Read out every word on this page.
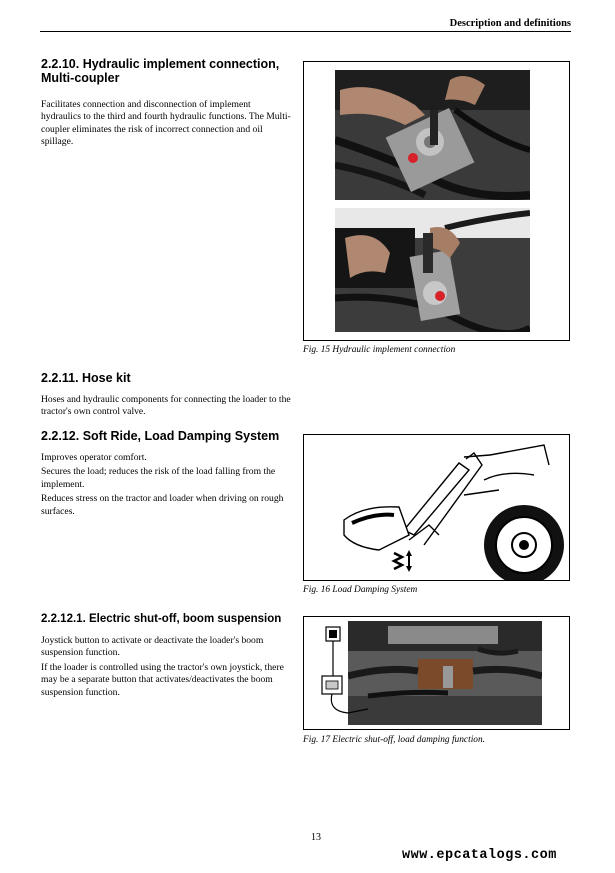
Description and definitions
2.2.10. Hydraulic implement connection, Multi-coupler
Facilitates connection and disconnection of implement hydraulics to the third and fourth hydraulic functions. The Multi-coupler eliminates the risk of incorrect connection and oil spillage.
Fig. 15 Hydraulic implement connection
2.2.11. Hose kit
Hoses and hydraulic components for connecting the loader to the tractor's own control valve.
2.2.12. Soft Ride, Load Damping System
Improves operator comfort.
Secures the load; reduces the risk of the load falling from the implement.
Reduces stress on the tractor and loader when driving on rough surfaces.
Fig. 16 Load Damping System
2.2.12.1. Electric shut-off, boom suspension
Joystick button to activate or deactivate the loader's boom suspension function.
If the loader is controlled using the tractor's own joystick, there may be a separate button that activates/deactivates the boom suspension function.
Fig. 17 Electric shut-off, load damping function.
13
www.epcatalogs.com
